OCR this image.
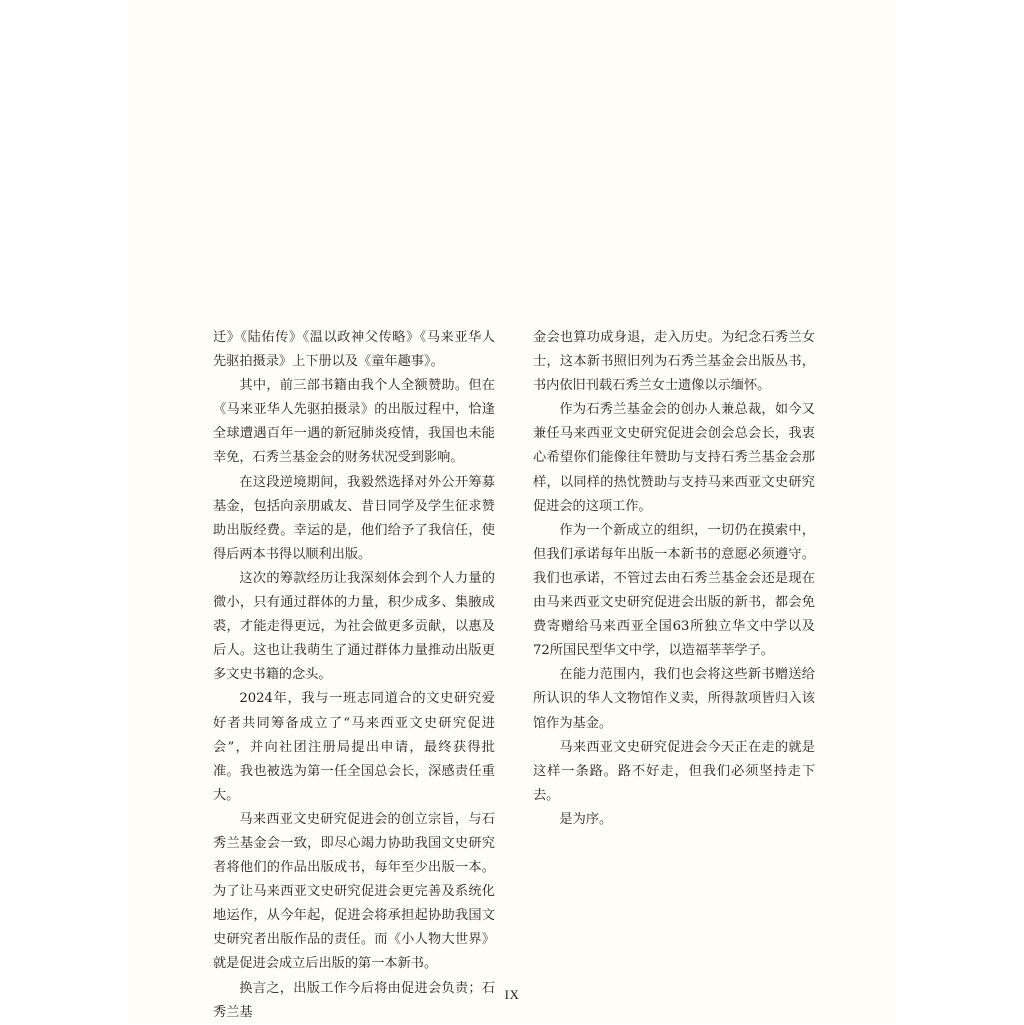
迁》《陆佑传》《温以政神父传略》《马来亚华人先驱拍摄录》上下册以及《童年趣事》。

其中，前三部书籍由我个人全额赞助。但在《马来亚华人先驱拍摄录》的出版过程中，恰逢全球遭遇百年一遇的新冠肺炎疫情，我国也未能幸免，石秀兰基金会的财务状况受到影响。

在这段逆境期间，我毅然选择对外公开筹募基金，包括向亲朋戚友、昔日同学及学生征求赞助出版经费。幸运的是，他们给予了我信任，使得后两本书得以顺利出版。

这次的筹款经历让我深刻体会到个人力量的微小，只有通过群体的力量，积少成多、集腋成裘，才能走得更远，为社会做更多贡献，以惠及后人。这也让我萌生了通过群体力量推动出版更多文史书籍的念头。

2024年，我与一班志同道合的文史研究爱好者共同筹备成立了“马来西亚文史研究促进会”，并向社团注册局提出申请，最终获得批准。我也被选为第一任全国总会长，深感责任重大。

马来西亚文史研究促进会的创立宗旨，与石秀兰基金会一致，即尽心竭力协助我国文史研究者将他们的作品出版成书，每年至少出版一本。为了让马来西亚文史研究促进会更完善及系统化地运作，从今年起，促进会将承担起协助我国文史研究者出版作品的责任。而《小人物大世界》就是促进会成立后出版的第一本新书。

换言之，出版工作今后将由促进会负责；石秀兰基

金会也算功成身退，走入历史。为纪念石秀兰女士，这本新书照旧列为石秀兰基金会出版丛书，书内依旧刊载石秀兰女士遗像以示缅怀。

作为石秀兰基金会的创办人兼总裁，如今又兼任马来西亚文史研究促进会创会总会长，我衷心希望你们能像往年赞助与支持石秀兰基金会那样，以同样的热忱赞助与支持马来西亚文史研究促进会的这项工作。

作为一个新成立的组织，一切仍在摸索中，但我们承诺每年出版一本新书的意愿必须遵守。我们也承诺，不管过去由石秀兰基金会还是现在由马来西亚文史研究促进会出版的新书，都会免费寄赠给马来西亚全国63所独立华文中学以及72所国民型华文中学，以造福莘莘学子。

在能力范围内，我们也会将这些新书赠送给所认识的华人文物馆作义卖，所得款项皆归入该馆作为基金。

马来西亚文史研究促进会今天正在走的就是这样一条路。路不好走，但我们必须坚持走下去。

是为序。

IX
